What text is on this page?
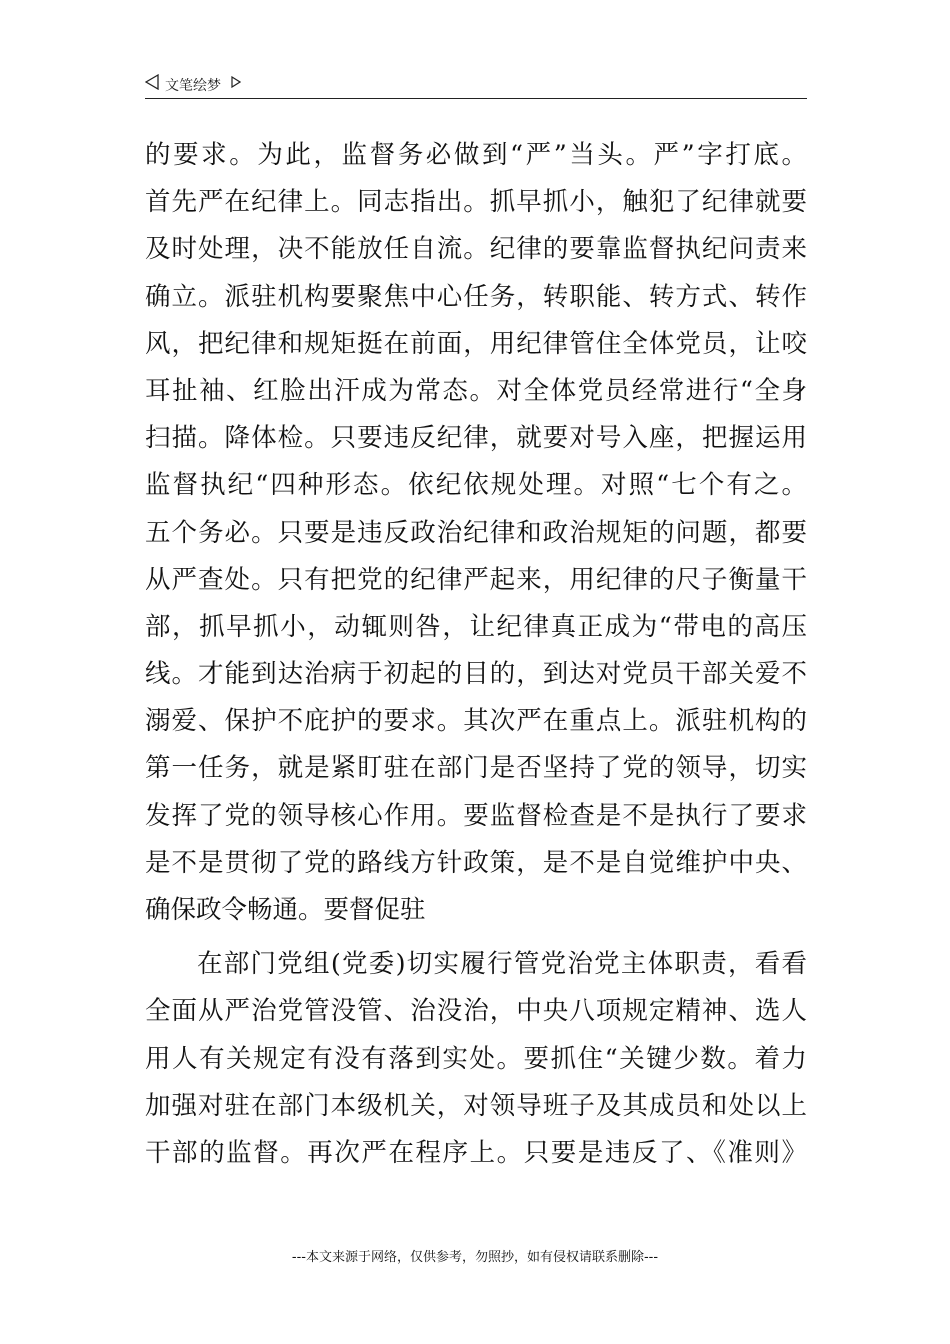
文笔绘梦
的要求。为此，监督务必做到“严”当头。严”字打底。
首先严在纪律上。同志指出。抓早抓小，触犯了纪律就要
及时处理，决不能放任自流。纪律的要靠监督执纪问责来
确立。派驻机构要聚焦中心任务，转职能、转方式、转作
风，把纪律和规矩挺在前面，用纪律管住全体党员，让咬
耳扯袖、红脸出汗成为常态。对全体党员经常进行“全身
扫描。降体检。只要违反纪律，就要对号入座，把握运用
监督执纪“四种形态。依纪依规处理。对照“七个有之。
五个务必。只要是违反政治纪律和政治规矩的问题，都要
从严查处。只有把党的纪律严起来，用纪律的尺子衡量干
部，抓早抓小，动辄则咎，让纪律真正成为“带电的高压
线。才能到达治病于初起的目的，到达对党员干部关爱不
溺爱、保护不庇护的要求。其次严在重点上。派驻机构的
第一任务，就是紧盯驻在部门是否坚持了党的领导，切实
发挥了党的领导核心作用。要监督检查是不是执行了要求
是不是贯彻了党的路线方针政策，是不是自觉维护中央、
确保政令畅通。要督促驻
在部门党组(党委)切实履行管党治党主体职责，看看
全面从严治党管没管、治没治，中央八项规定精神、选人
用人有关规定有没有落到实处。要抓住“关键少数。着力
加强对驻在部门本级机关，对领导班子及其成员和处以上
干部的监督。再次严在程序上。只要是违反了、《准则》
---本文来源于网络，仅供参考，勿照抄，如有侵权请联系删除---
